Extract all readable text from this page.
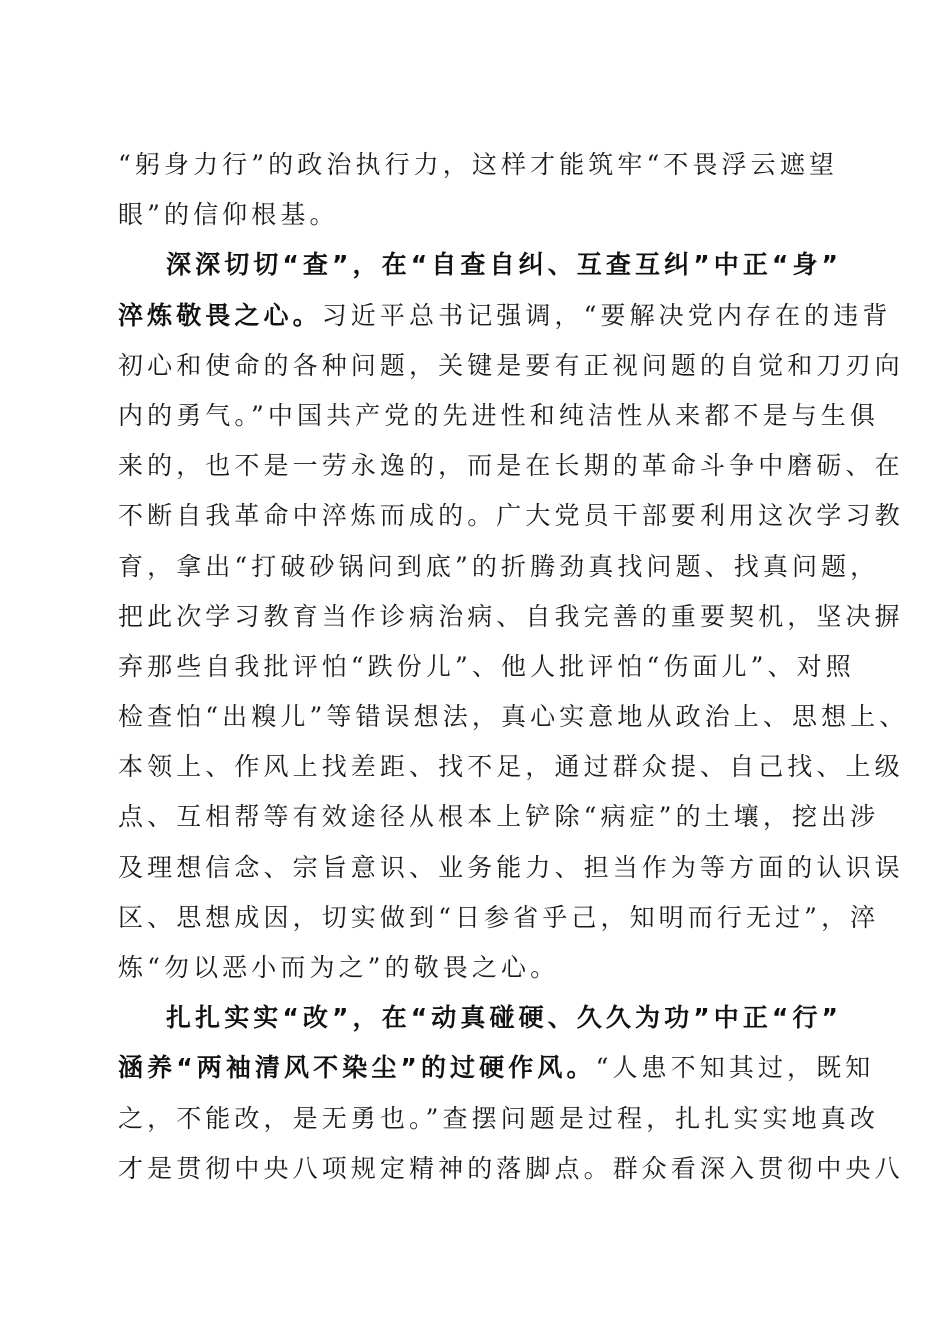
“躬身力行”的政治执行力，这样才能筑牢“不畏浮云遮望
眼”的信仰根基。
深深切切“查”，在“自查自纠、互查互纠”中正“身”
淬炼敬畏之心。习近平总书记强调，“要解决党内存在的违背
初心和使命的各种问题，关键是要有正视问题的自觉和刀刃向
内的勇气。”中国共产党的先进性和纯洁性从来都不是与生俱
来的，也不是一劳永逸的，而是在长期的革命斗争中磨砺、在
不断自我革命中淬炼而成的。广大党员干部要利用这次学习教
育，拿出“打破砂锅问到底”的折腾劲真找问题、找真问题，
把此次学习教育当作诊病治病、自我完善的重要契机，坚决摒
弃那些自我批评怕“跌份儿”、他人批评怕“伤面儿”、对照
检查怕“出糗儿”等错误想法，真心实意地从政治上、思想上、
本领上、作风上找差距、找不足，通过群众提、自己找、上级
点、互相帮等有效途径从根本上铲除“病症”的土壤，挖出涉
及理想信念、宗旨意识、业务能力、担当作为等方面的认识误
区、思想成因，切实做到“日参省乎己，知明而行无过”，淬
炼“勿以恶小而为之”的敬畏之心。
扎扎实实“改”，在“动真碰硬、久久为功”中正“行”
涵养“两袖清风不染尘”的过硬作风。“人患不知其过，既知
之，不能改，是无勇也。”查摆问题是过程，扎扎实实地真改
才是贯彻中央八项规定精神的落脚点。群众看深入贯彻中央八
